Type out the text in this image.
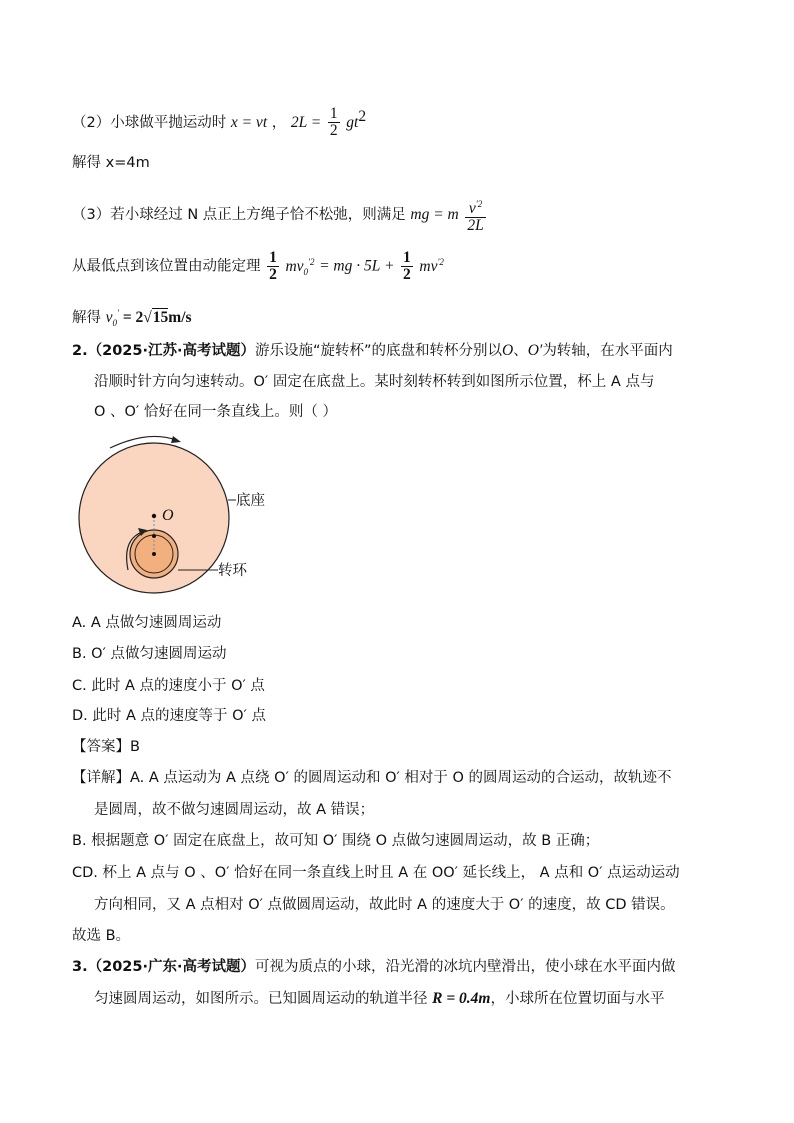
（2）小球做平抛运动时 x = vt ， $2L = \frac{1}{2} gt^2$
解得 x=4m
（3）若小球经过 N 点正上方绳子恰不松弛，则满足 mg = m $\frac{v^{'2}}{2L}$
从最低点到该位置由动能定理 $\frac{1}{2} mv_0^{'2}$ = mg · $5L + \frac{1}{2} mv^{'2}$
解得 $v_0' = 2√15m/s$
2.（2025·江苏·高考试题）游乐设施“旋转杯”的底盘和转杯分别以O、O′为转轴，在水平面内
沿顺时针方向匀速转动。O′ 固定在底盘上。某时刻转杯转到如图所示位置，杯上 A 点与
O 、O′ 恰好在同一条直线上。则（ ）
O
底座
转环
A. A 点做匀速圆周运动
B. O′ 点做匀速圆周运动
C. 此时 A 点的速度小于 O′ 点
D. 此时 A 点的速度等于 O′ 点
【答案】B
【详解】A. A 点运动为 A 点绕 O′ 的圆周运动和 O′ 相对于 O 的圆周运动的合运动，故轨迹不
是圆周，故不做匀速圆周运动，故 A 错误；
B. 根据题意 O′ 固定在底盘上，故可知 O′ 围绕 O 点做匀速圆周运动，故 B 正确；
CD. 杯上 A 点与 O 、O′ 恰好在同一条直线上时且 A 在 OO′ 延长线上， A 点和 O′ 点运动运动
方向相同，又 A 点相对 O′ 点做圆周运动，故此时 A 的速度大于 O′ 的速度，故 CD 错误。
故选 B。
3.（2025·广东·高考试题）可视为质点的小球，沿光滑的冰坑内壁滑出，使小球在水平面内做
匀速圆周运动，如图所示。已知圆周运动的轨道半径 R = 0.4m，小球所在位置切面与水平
